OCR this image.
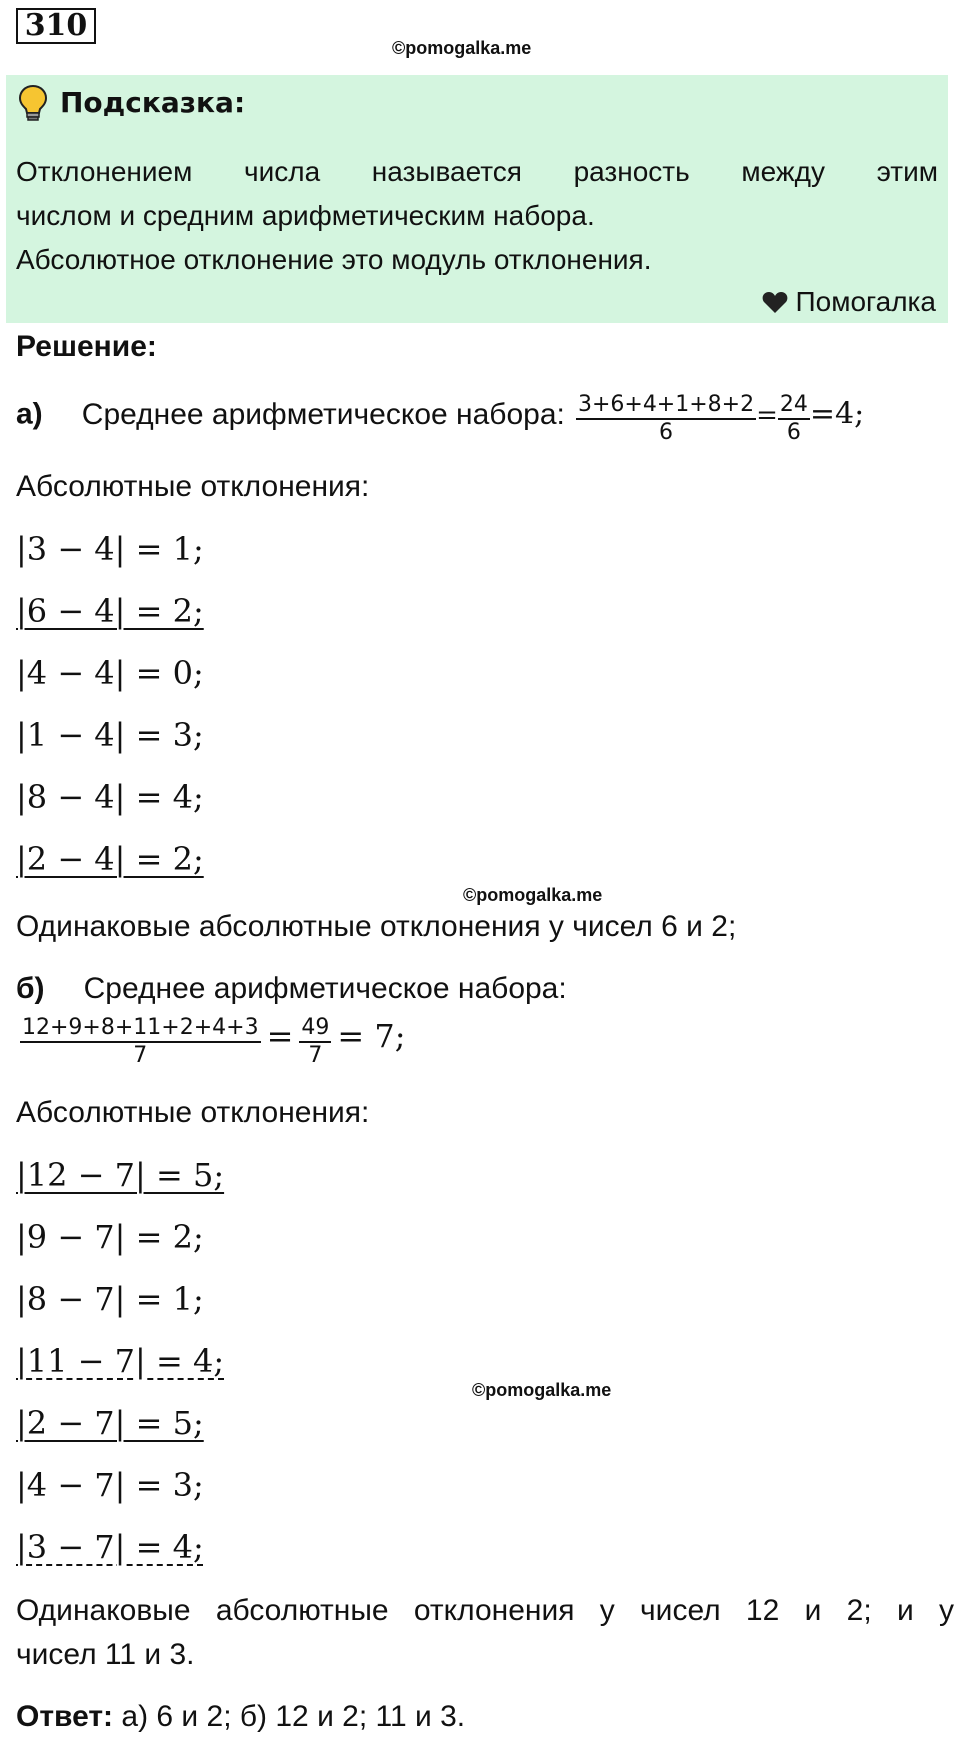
310
©pomogalka.me
Подсказка:
Отклонением числа называется разность между этим
числом и средним арифметическим набора.
Абсолютное отклонение это модуль отклонения.
Помогалка
Решение:
а) Среднее арифметическое набора: $\frac{3+6+4+1+8+2}{6} = \frac{24}{6} =4$;
Абсолютные отклонения:
|3 − 4| = 1;
|6 − 4| = 2;
|4 − 4| = 0;
|1 − 4| = 3;
|8 − 4| = 4;
|2 − 4| = 2;
©pomogalka.me
Одинаковые абсолютные отклонения у чисел 6 и 2;
б) Среднее арифметическое набора:
$\frac{12+9+8+11+2+4+3}{7} = \frac{49}{7} = 7$;
Абсолютные отклонения:
|12 − 7| = 5;
|9 − 7| = 2;
|8 − 7| = 1;
|11 − 7| = 4;
©pomogalka.me
|2 − 7| = 5;
|4 − 7| = 3;
|3 − 7| = 4;
Одинаковые абсолютные отклонения у чисел 12 и 2; и у
чисел 11 и 3.
Ответ: а) 6 и 2; б) 12 и 2; 11 и 3.
